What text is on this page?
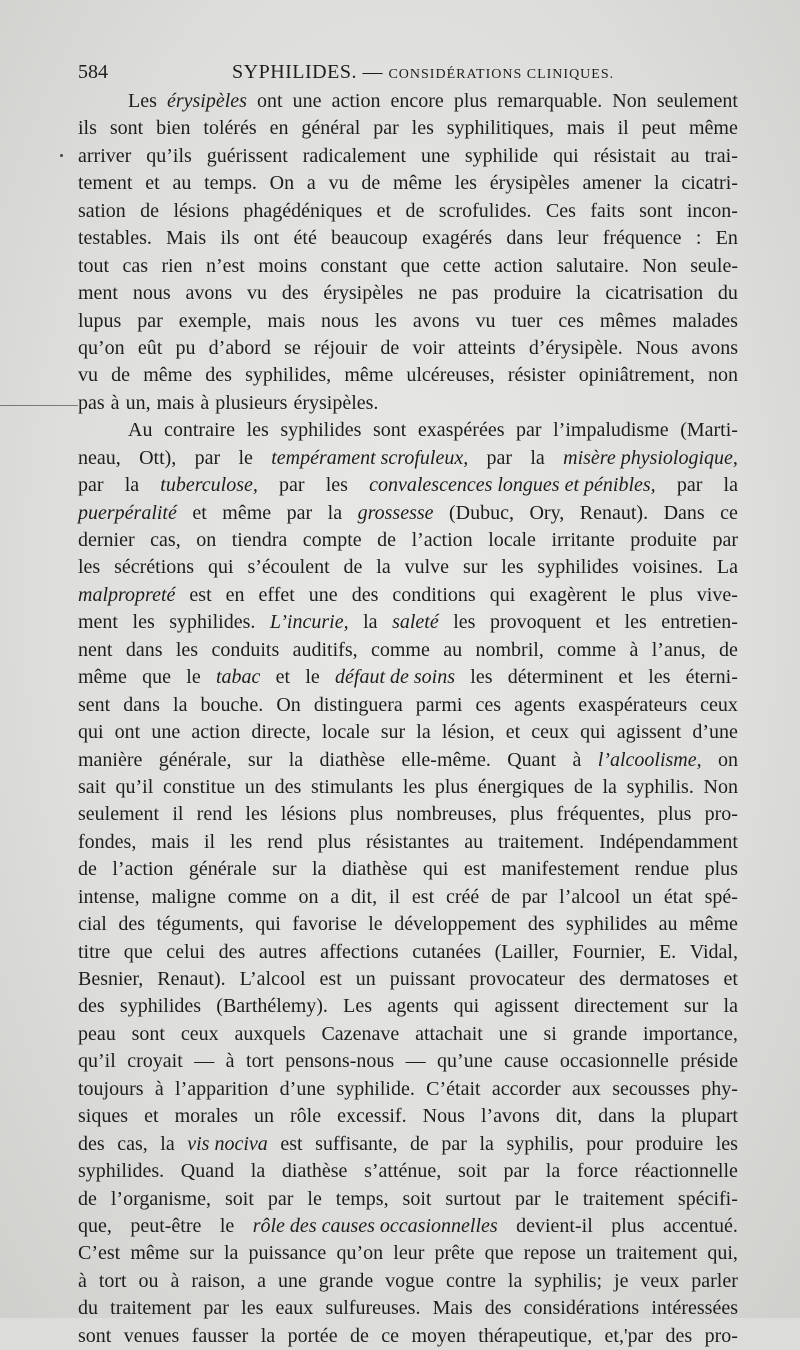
584	SYPHILIDES. — CONSIDÉRATIONS CLINIQUES.
Les érysipèles ont une action encore plus remarquable. Non seulement
ils sont bien tolérés en général par les syphilitiques, mais il peut même
arriver qu’ils guérissent radicalement une syphilide qui résistait au trai-
tement et au temps. On a vu de même les érysipèles amener la cicatri-
sation de lésions phagédéniques et de scrofulides. Ces faits sont incon-
testables. Mais ils ont été beaucoup exagérés dans leur fréquence : En
tout cas rien n’est moins constant que cette action salutaire. Non seule-
ment nous avons vu des érysipèles ne pas produire la cicatrisation du
lupus par exemple, mais nous les avons vu tuer ces mêmes malades
qu’on eût pu d’abord se réjouir de voir atteints d’érysipèle. Nous avons
vu de même des syphilides, même ulcéreuses, résister opiniâtrement, non
pas à un, mais à plusieurs érysipèles.
Au contraire les syphilides sont exaspérées par l’impaludisme (Marti-
neau, Ott), par le tempérament scrofuleux, par la misère physiologique,
par la tuberculose, par les convalescences longues et pénibles, par la
puerpéralité et même par la grossesse (Dubuc, Ory, Renaut). Dans ce
dernier cas, on tiendra compte de l’action locale irritante produite par
les sécrétions qui s’écoulent de la vulve sur les syphilides voisines. La
malpropreté est en effet une des conditions qui exagèrent le plus vive-
ment les syphilides. L’incurie, la saleté les provoquent et les entretien-
nent dans les conduits auditifs, comme au nombril, comme à l’anus, de
même que le tabac et le défaut de soins les déterminent et les éterni-
sent dans la bouche. On distinguera parmi ces agents exaspérateurs ceux
qui ont une action directe, locale sur la lésion, et ceux qui agissent d’une
manière générale, sur la diathèse elle-même. Quant à l’alcoolisme, on
sait qu’il constitue un des stimulants les plus énergiques de la syphilis. Non
seulement il rend les lésions plus nombreuses, plus fréquentes, plus pro-
fondes, mais il les rend plus résistantes au traitement. Indépendamment
de l’action générale sur la diathèse qui est manifestement rendue plus
intense, maligne comme on a dit, il est créé de par l’alcool un état spé-
cial des téguments, qui favorise le développement des syphilides au même
titre que celui des autres affections cutanées (Lailler, Fournier, E. Vidal,
Besnier, Renaut). L’alcool est un puissant provocateur des dermatoses et
des syphilides (Barthélemy). Les agents qui agissent directement sur la
peau sont ceux auxquels Cazenave attachait une si grande importance,
qu’il croyait — à tort pensons-nous — qu’une cause occasionnelle préside
toujours à l’apparition d’une syphilide. C’était accorder aux secousses phy-
siques et morales un rôle excessif. Nous l’avons dit, dans la plupart
des cas, la vis nociva est suffisante, de par la syphilis, pour produire les
syphilides. Quand la diathèse s’atténue, soit par la force réactionnelle
de l’organisme, soit par le temps, soit surtout par le traitement spécifi-
que, peut-être le rôle des causes occasionnelles devient-il plus accentué.
C’est même sur la puissance qu’on leur prête que repose un traitement qui,
à tort ou à raison, a une grande vogue contre la syphilis; je veux parler
du traitement par les eaux sulfureuses. Mais des considérations intéressées
sont venues fausser la portée de ce moyen thérapeutique, et,'par des pro-
